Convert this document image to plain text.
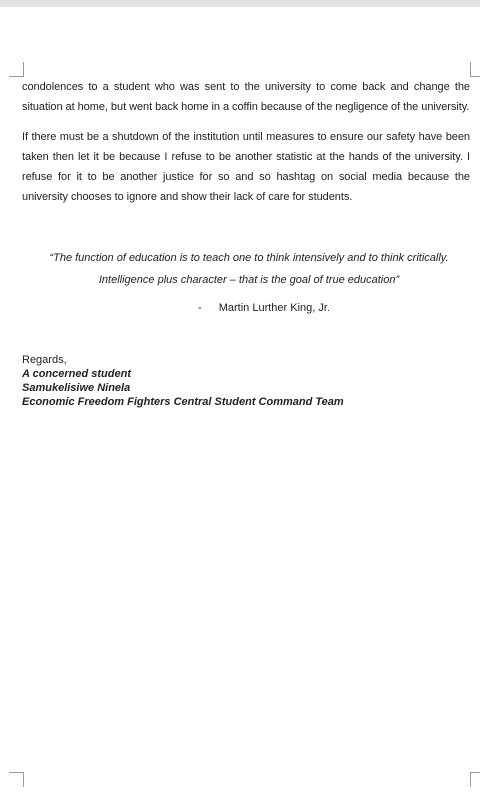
condolences to a student who was sent to the university to come back and change the situation at home, but went back home in a coffin because of the negligence of the university.

If there must be a shutdown of the institution until measures to ensure our safety have been taken then let it be because I refuse to be another statistic at the hands of the university. I refuse for it to be another justice for so and so hashtag on social media because the university chooses to ignore and show their lack of care for students.

“The function of education is to teach one to think intensively and to think critically.
Intelligence plus character – that is the goal of true education”
- Martin Lurther King, Jr.
Regards,
A concerned student
Samukelisiwe Ninela
Economic Freedom Fighters Central Student Command Team
